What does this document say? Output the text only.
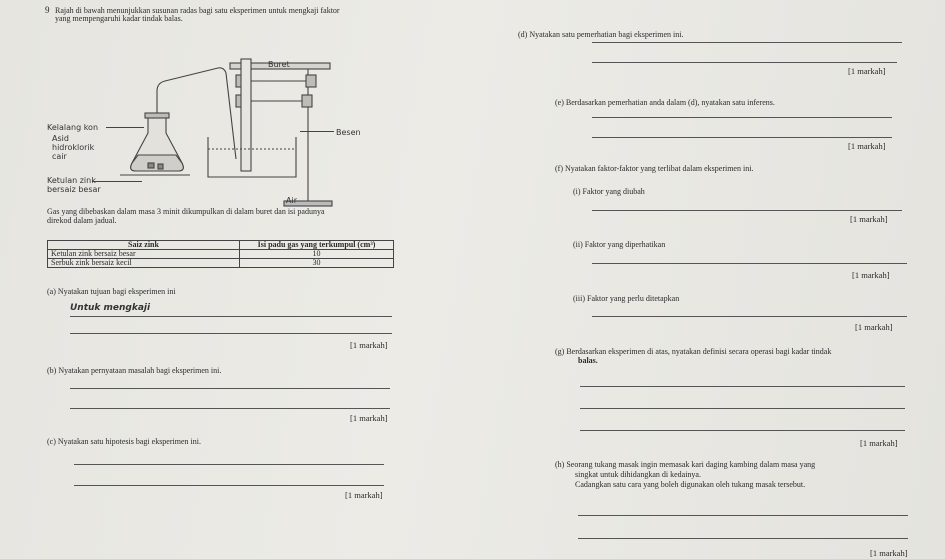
9 Rajah di bawah menunjukkan susunan radas bagi satu eksperimen untuk mengkaji faktor
yang mempengaruhi kadar tindak balas.
Buret
Kelalang kon
Asid
hidroklorik
cair
Besen
Ketulan zink
bersaiz besar
Air
Gas yang dibebaskan dalam masa 3 minit dikumpulkan di dalam buret dan isi padunya
direkod dalam jadual.
Saiz zink	Isi padu gas yang terkumpul (cm³)
Ketulan zink bersaiz besar	10
Serbuk zink bersaiz kecil	30
(a) Nyatakan tujuan bagi eksperimen ini
Untuk mengkaji
[1 markah]
(b) Nyatakan pernyataan masalah bagi eksperimen ini.
[1 markah]
(c) Nyatakan satu hipotesis bagi eksperimen ini.
[1 markah]
(d) Nyatakan satu pemerhatian bagi eksperimen ini.
[1 markah]
(e) Berdasarkan pemerhatian anda dalam (d), nyatakan satu inferens.
[1 markah]
(f) Nyatakan faktor-faktor yang terlibat dalam eksperimen ini.
(i) Faktor yang diubah
[1 markah]
(ii) Faktor yang diperhatikan
[1 markah]
(iii) Faktor yang perlu ditetapkan
[1 markah]
(g) Berdasarkan eksperimen di atas, nyatakan definisi secara operasi bagi kadar tindak
balas.
[1 markah]
(h) Seorang tukang masak ingin memasak kari daging kambing dalam masa yang
singkat untuk dihidangkan di kedainya.
Cadangkan satu cara yang boleh digunakan oleh tukang masak tersebut.
[1 markah]
